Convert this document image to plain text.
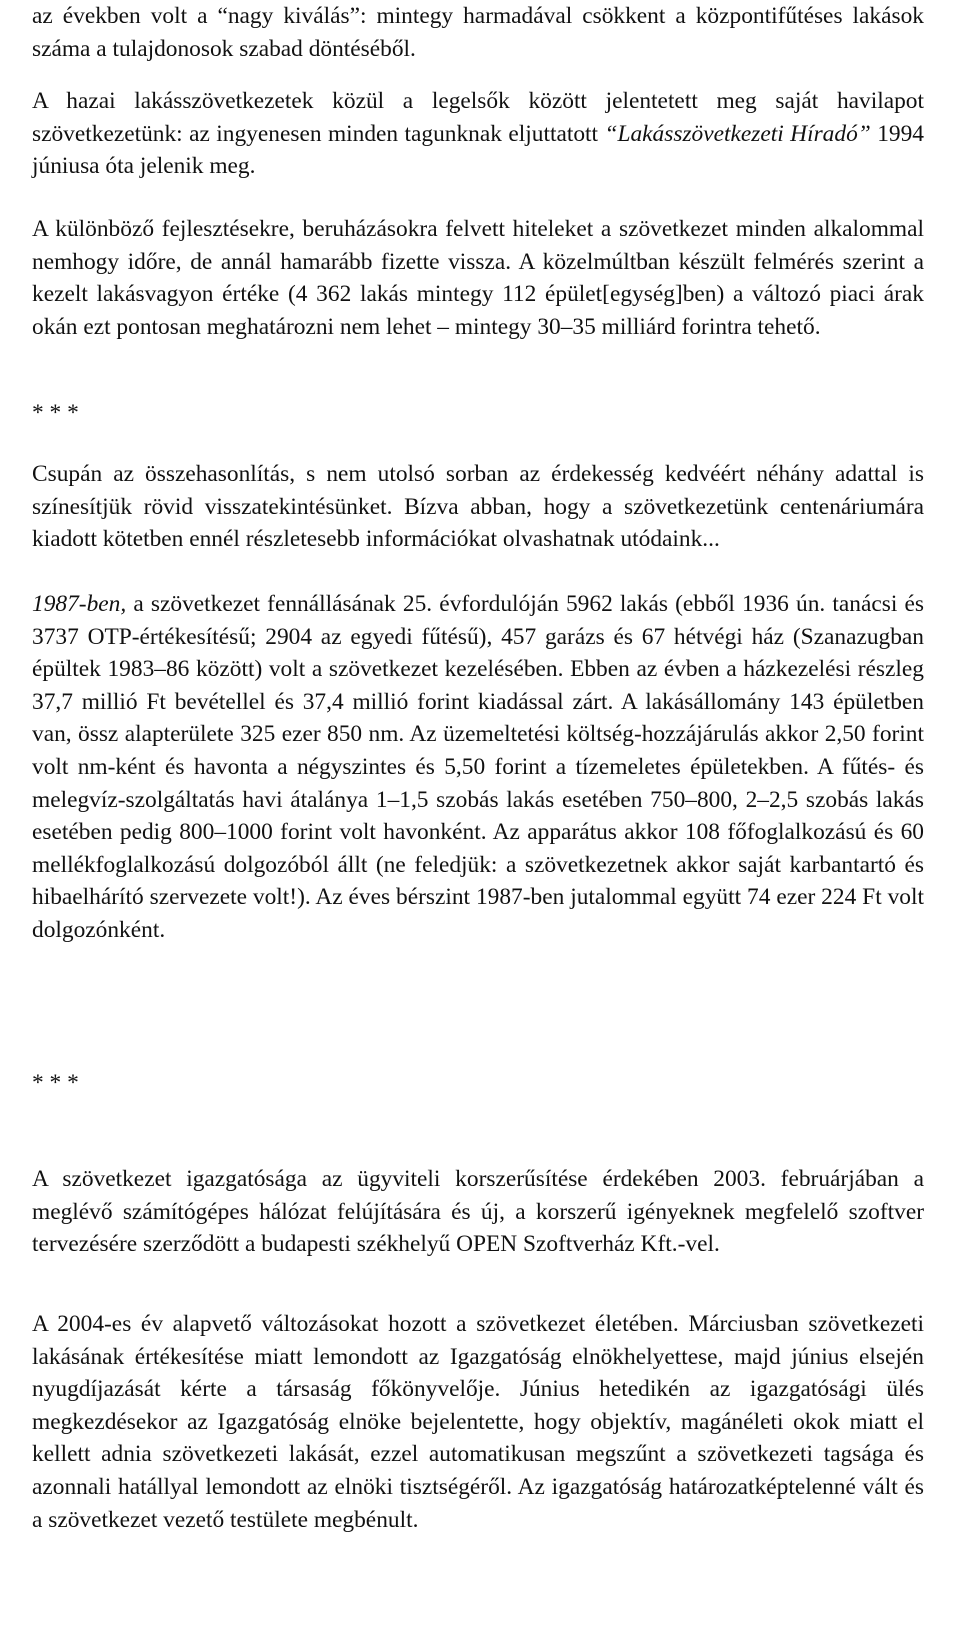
az években volt a “nagy kiválás”: mintegy harmadával csökkent a központifűtéses lakások száma a tulajdonosok szabad döntéséből.

A hazai lakásszövetkezetek közül a legelsők között jelentetett meg saját havilapot szövetkezetünk: az ingyenesen minden tagunknak eljuttatott “Lakásszövetkezeti Híradó” 1994 júniusa óta jelenik meg.

A különböző fejlesztésekre, beruházásokra felvett hiteleket a szövetkezet minden alkalommal nemhogy időre, de annál hamarább fizette vissza. A közelmúltban készült felmérés szerint a kezelt lakásvagyon értéke (4 362 lakás mintegy 112 épület[egység]ben) a változó piaci árak okán ezt pontosan meghatározni nem lehet – mintegy 30–35 milliárd forintra tehető.

* * *

Csupán az összehasonlítás, s nem utolsó sorban az érdekesség kedvéért néhány adattal is színesítjük rövid visszatekintésünket. Bízva abban, hogy a szövetkezetünk centenáriumára kiadott kötetben ennél részletesebb információkat olvashatnak utódaink...

1987-ben, a szövetkezet fennállásának 25. évfordulóján 5962 lakás (ebből 1936 ún. tanácsi és 3737 OTP-értékesítésű; 2904 az egyedi fűtésű), 457 garázs és 67 hétvégi ház (Szanazugban épültek 1983–86 között) volt a szövetkezet kezelésében. Ebben az évben a házkezelési részleg 37,7 millió Ft bevétellel és 37,4 millió forint kiadással zárt. A lakásállomány 143 épületben van, össz alapterülete 325 ezer 850 nm. Az üzemeltetési költség-hozzájárulás akkor 2,50 forint volt nm-ként és havonta a négyszintes és 5,50 forint a tízemeletes épületekben. A fűtés- és melegvíz-szolgáltatás havi átalánya 1–1,5 szobás lakás esetében 750–800, 2–2,5 szobás lakás esetében pedig 800–1000 forint volt havonként. Az apparátus akkor 108 főfoglalkozású és 60 mellékfoglalkozású dolgozóból állt (ne feledjük: a szövetkezetnek akkor saját karbantartó és hibaelhárító szervezete volt!). Az éves bérszint 1987-ben jutalommal együtt 74 ezer 224 Ft volt dolgozónként.

* * *

A szövetkezet igazgatósága az ügyviteli korszerűsítése érdekében 2003. februárjában a meglévő számítógépes hálózat felújítására és új, a korszerű igényeknek megfelelő szoftver tervezésére szerződött a budapesti székhelyű OPEN Szoftverház Kft.-vel.

A 2004-es év alapvető változásokat hozott a szövetkezet életében. Márciusban szövetkezeti lakásának értékesítése miatt lemondott az Igazgatóság elnökhelyettese, majd június elsején nyugdíjazását kérte a társaság főkönyvelője. Június hetedikén az igazgatósági ülés megkezdésekor az Igazgatóság elnöke bejelentette, hogy objektív, magánéleti okok miatt el kellett adnia szövetkezeti lakását, ezzel automatikusan megszűnt a szövetkezeti tagsága és azonnali hatállyal lemondott az elnöki tisztségéről. Az igazgatóság határozatképtelenné vált és a szövetkezet vezető testülete megbénult.
